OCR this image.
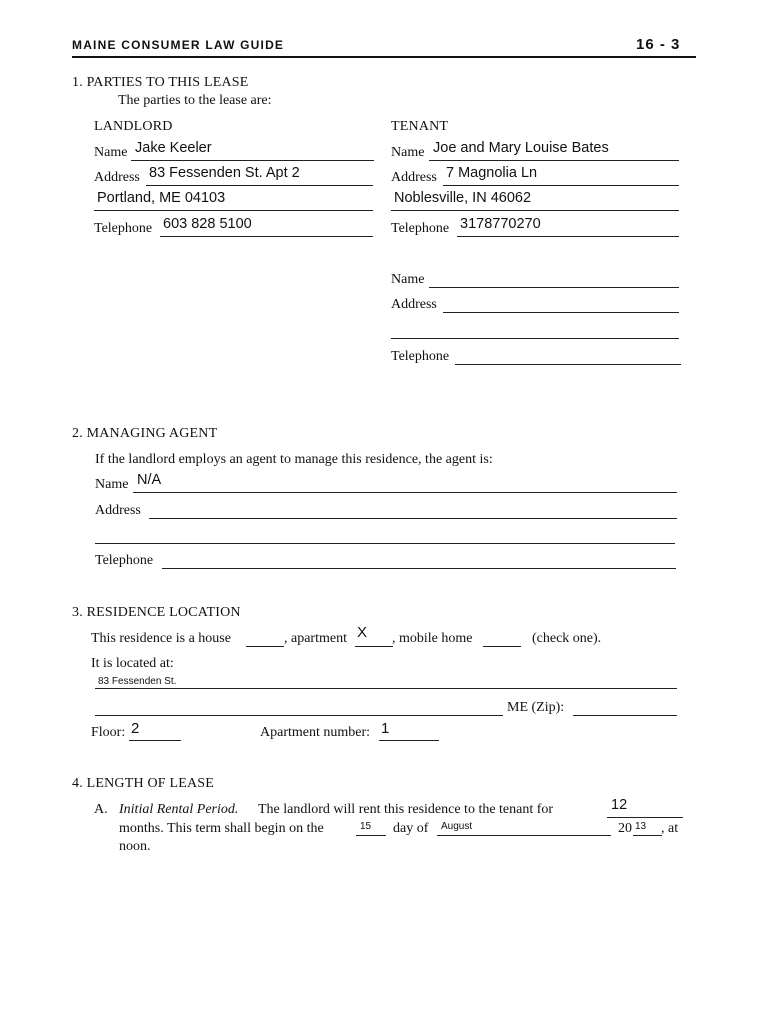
MAINE CONSUMER LAW GUIDE	16 - 3
1. PARTIES TO THIS LEASE
The parties to the lease are:
LANDLORD
Name Jake Keeler
Address 83 Fessenden St. Apt 2
Portland, ME 04103
Telephone 603 828 5100
TENANT
Name Joe and Mary Louise Bates
Address 7 Magnolia Ln
Noblesville, IN 46062
Telephone 3178770270
Name
Address
Telephone
2. MANAGING AGENT
If the landlord employs an agent to manage this residence, the agent is:
Name N/A
Address
Telephone
3. RESIDENCE LOCATION
This residence is a house	, apartment X , mobile home	(check one).
It is located at:
83 Fessenden St.
ME (Zip):
Floor: 2	Apartment number: 1
4. LENGTH OF LEASE
A. Initial Rental Period. The landlord will rent this residence to the tenant for	12
months. This term shall begin on the	15 day of August	20 13 , at
noon.
